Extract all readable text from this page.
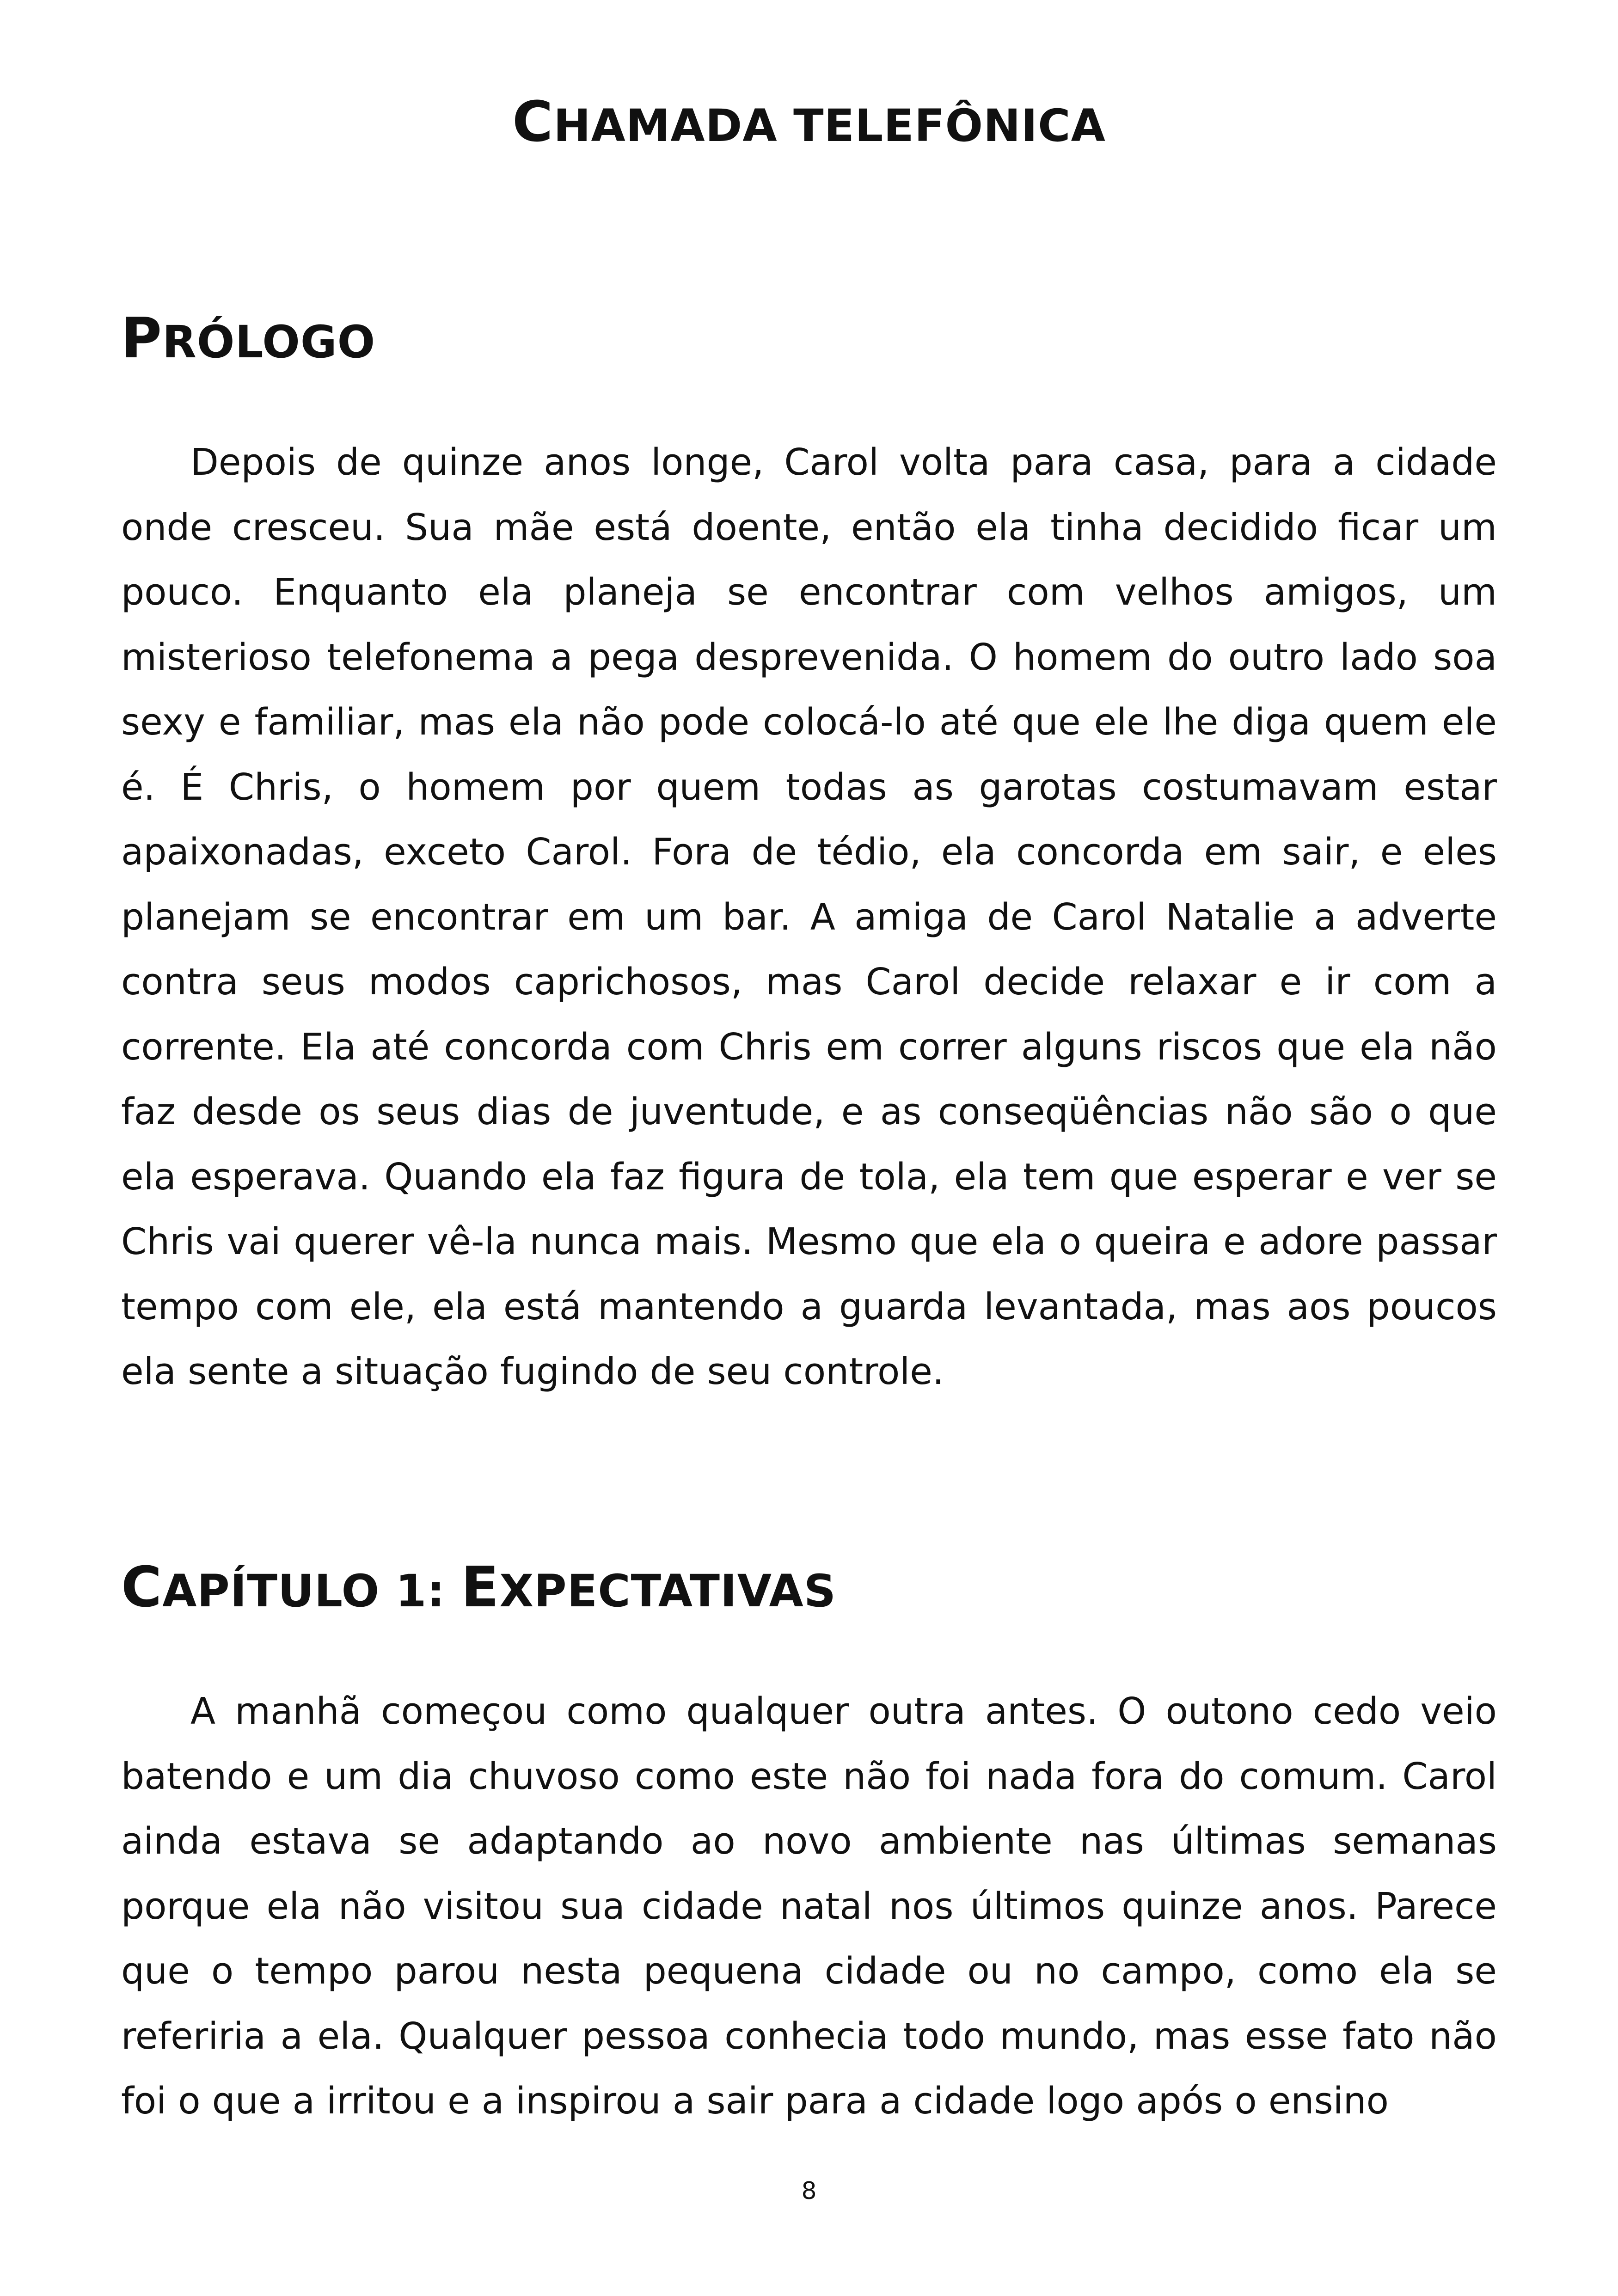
CHAMADA TELEFÔNICA
PRÓLOGO

Depois de quinze anos longe, Carol volta para casa, para a cidade onde cresceu. Sua mãe está doente, então ela tinha decidido ficar um pouco. Enquanto ela planeja se encontrar com velhos amigos, um misterioso telefonema a pega desprevenida. O homem do outro lado soa sexy e familiar, mas ela não pode colocá-lo até que ele lhe diga quem ele é. É Chris, o homem por quem todas as garotas costumavam estar apaixonadas, exceto Carol. Fora de tédio, ela concorda em sair, e eles planejam se encontrar em um bar. A amiga de Carol Natalie a adverte contra seus modos caprichosos, mas Carol decide relaxar e ir com a corrente. Ela até concorda com Chris em correr alguns riscos que ela não faz desde os seus dias de juventude, e as conseqüências não são o que ela esperava. Quando ela faz figura de tola, ela tem que esperar e ver se Chris vai querer vê-la nunca mais. Mesmo que ela o queira e adore passar tempo com ele, ela está mantendo a guarda levantada, mas aos poucos ela sente a situação fugindo de seu controle.

CAPÍTULO 1: EXPECTATIVAS

A manhã começou como qualquer outra antes. O outono cedo veio batendo e um dia chuvoso como este não foi nada fora do comum. Carol ainda estava se adaptando ao novo ambiente nas últimas semanas porque ela não visitou sua cidade natal nos últimos quinze anos. Parece que o tempo parou nesta pequena cidade ou no campo, como ela se referiria a ela. Qualquer pessoa conhecia todo mundo, mas esse fato não foi o que a irritou e a inspirou a sair para a cidade logo após o ensino

8
